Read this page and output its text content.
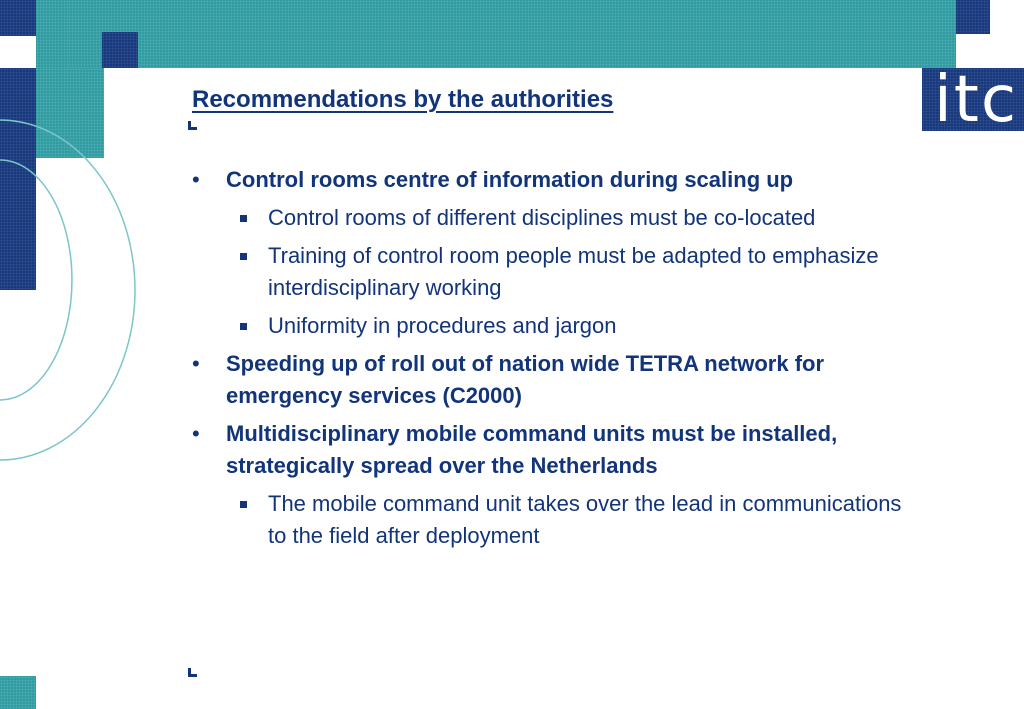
itc
Recommendations by the authorities
• Control rooms centre of information during scaling up
Control rooms of different disciplines must be co-located
Training of control room people must be adapted to emphasize interdisciplinary working
Uniformity in procedures and jargon
• Speeding up of roll out of nation wide TETRA network for emergency services (C2000)
• Multidisciplinary mobile command units must be installed, strategically spread over the Netherlands
The mobile command unit takes over the lead in communications to the field after deployment
